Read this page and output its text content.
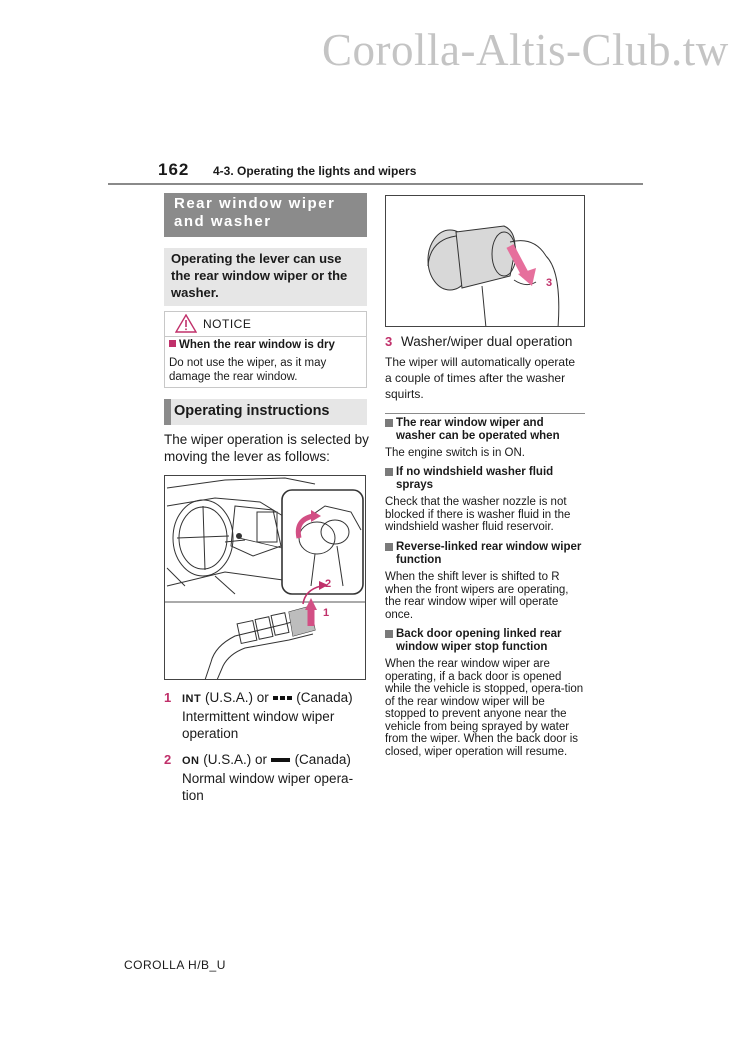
Corolla-Altis-Club.tw
162 4-3. Operating the lights and wipers
Rear window wiper and washer
Operating the lever can use the rear window wiper or the washer.
NOTICE
When the rear window is dry
Do not use the wiper, as it may damage the rear window.
Operating instructions
The wiper operation is selected by moving the lever as follows:
1
2
1 INT (U.S.A.) or (Canada)
Intermittent window wiper operation
2 ON (U.S.A.) or (Canada)
Normal window wiper opera-tion
3
3 Washer/wiper dual operation
The wiper will automatically operate a couple of times after the washer squirts.
The rear window wiper and washer can be operated when
The engine switch is in ON.
If no windshield washer fluid sprays
Check that the washer nozzle is not blocked if there is washer fluid in the windshield washer fluid reservoir.
Reverse-linked rear window wiper function
When the shift lever is shifted to R when the front wipers are operating, the rear window wiper will operate once.
Back door opening linked rear window wiper stop function
When the rear window wiper are operating, if a back door is opened while the vehicle is stopped, opera-tion of the rear window wiper will be stopped to prevent anyone near the vehicle from being sprayed by water from the wiper. When the back door is closed, wiper operation will resume.
COROLLA H/B_U
